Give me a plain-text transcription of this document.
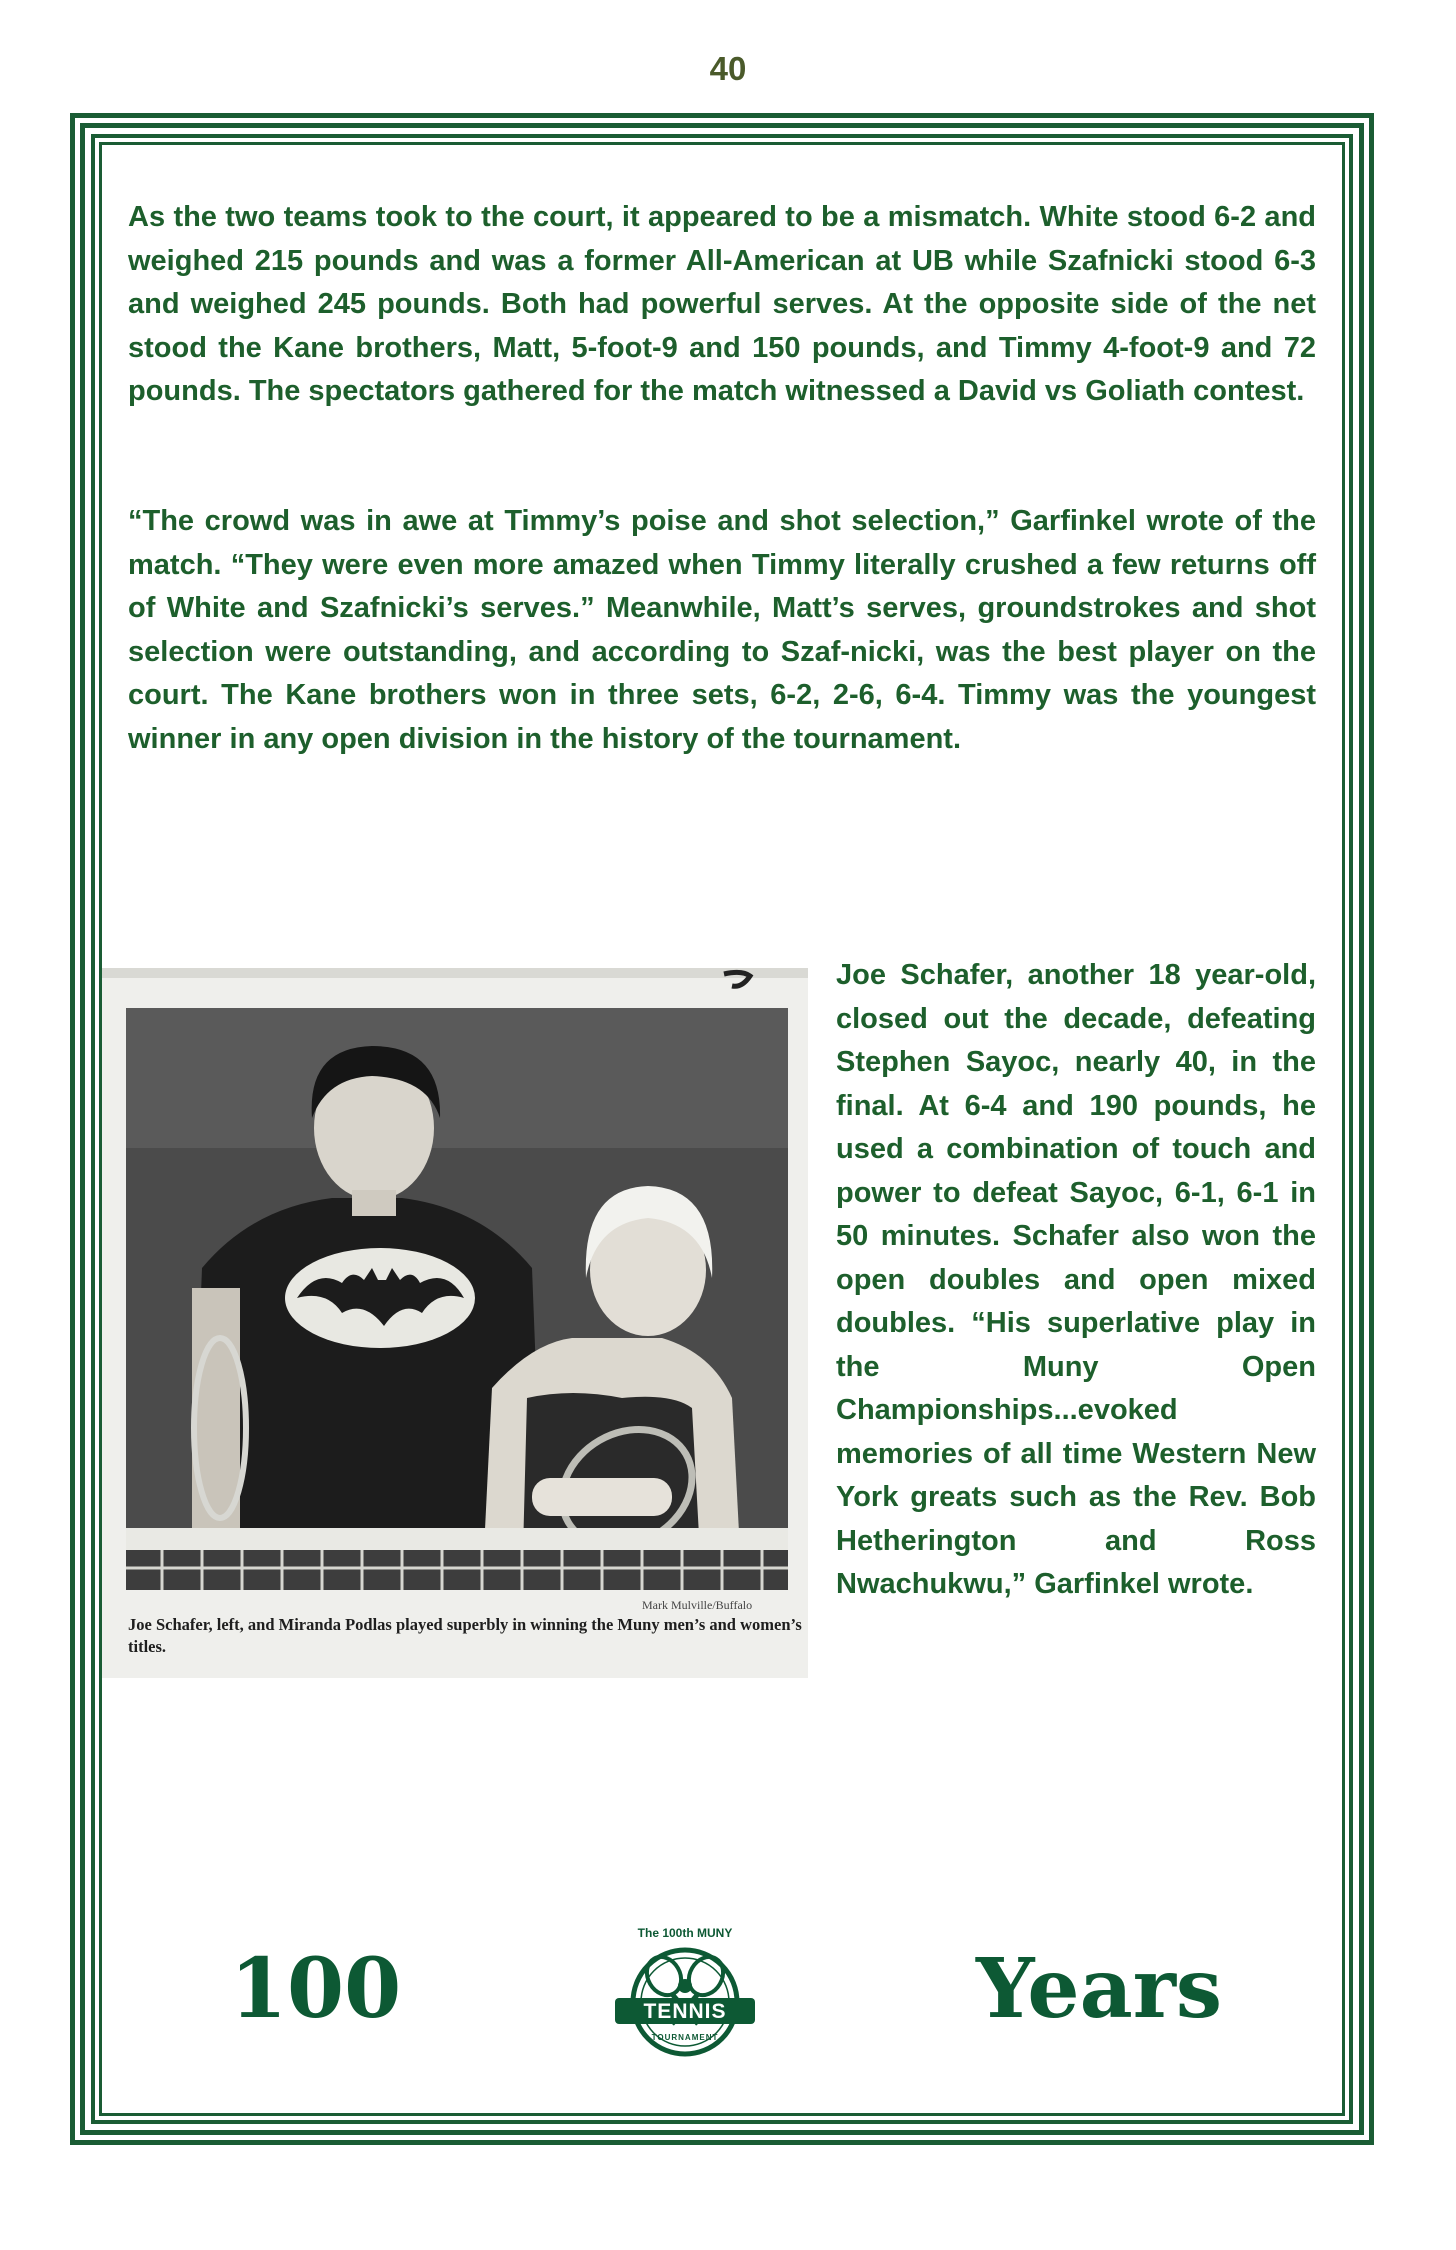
40

As the two teams took to the court, it appeared to be a mismatch. White stood 6-2 and weighed 215 pounds and was a former All-American at UB while Szafnicki stood 6-3 and weighed 245 pounds. Both had powerful serves. At the opposite side of the net stood the Kane brothers, Matt, 5-foot-9 and 150 pounds, and Timmy 4-foot-9 and 72 pounds. The spectators gathered for the match witnessed a David vs Goliath contest.

“The crowd was in awe at Timmy’s poise and shot selection,” Garfinkel wrote of the match. “They were even more amazed when Timmy literally crushed a few returns off of White and Szafnicki’s serves.” Meanwhile, Matt’s serves, groundstrokes and shot selection were outstanding, and according to Szaf-nicki, was the best player on the court. The Kane brothers won in three sets, 6-2, 2-6, 6-4. Timmy was the youngest winner in any open division in the history of the tournament.

Mark Mulville/Buffalo
Joe Schafer, left, and Miranda Podlas played superbly in winning the Muny men’s and women’s titles.

Joe Schafer, another 18 year-old, closed out the decade, defeating Stephen Sayoc, nearly 40, in the final. At 6-4 and 190 pounds, he used a combination of touch and power to defeat Sayoc, 6-1, 6-1 in 50 minutes. Schafer also won the open doubles and open mixed doubles. “His superlative play in the Muny Open Championships...evoked memories of all time Western New York greats such as the Rev. Bob Hetherington and Ross Nwachukwu,” Garfinkel wrote.

100
The 100th MUNY
TENNIS
TOURNAMENT
Years
